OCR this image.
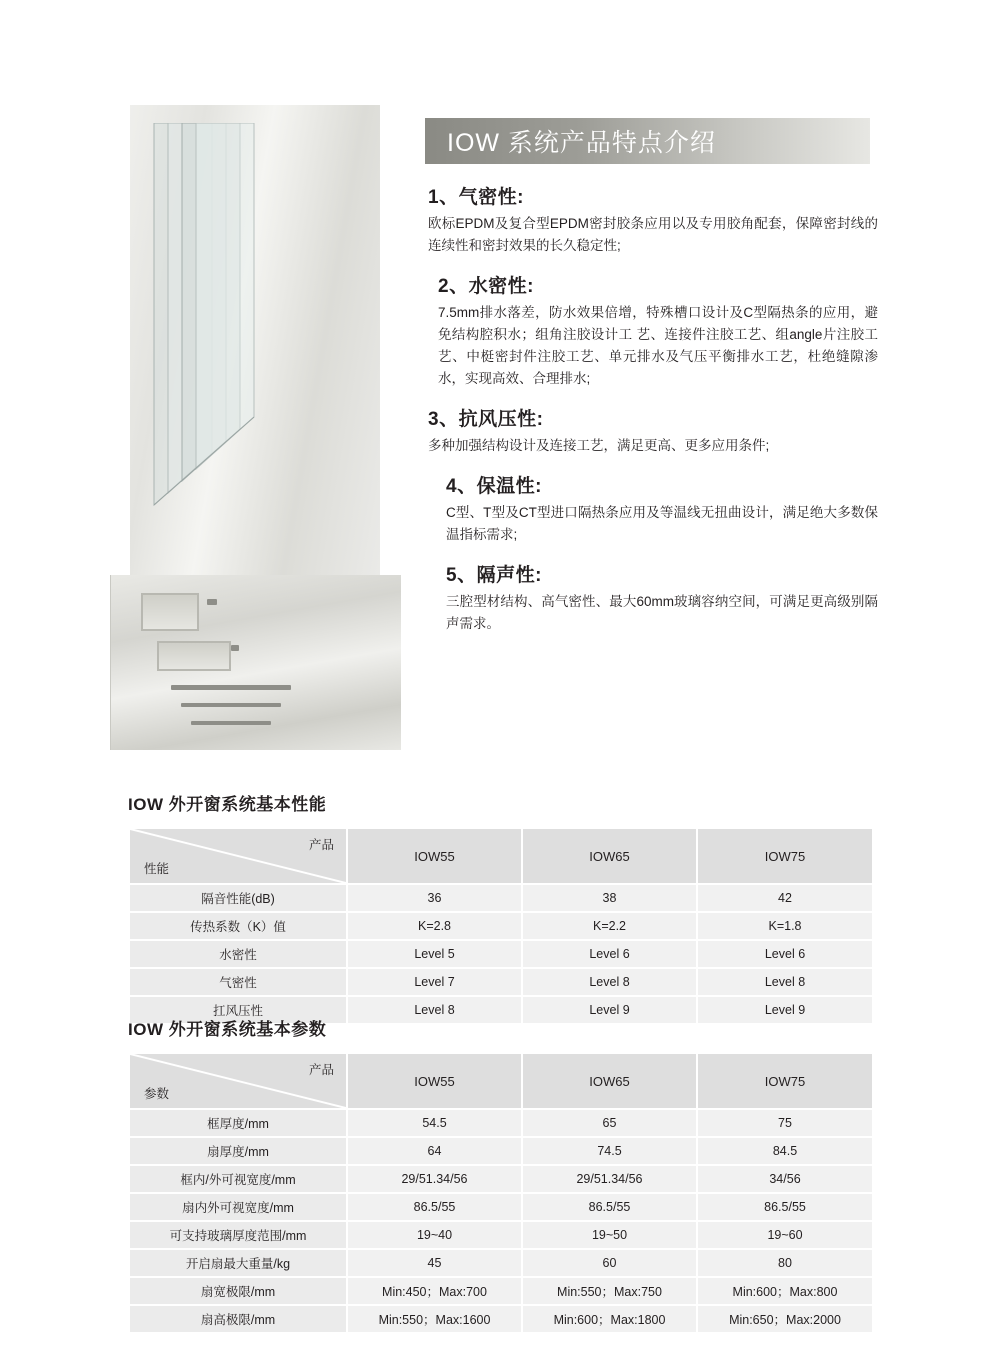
IOW 系统产品特点介绍
1、气密性:

欧标EPDM及复合型EPDM密封胶条应用以及专用胶角配套，保障密封线的连续性和密封效果的长久稳定性;

2、水密性:

7.5mm排水落差，防水效果倍增，特殊槽口设计及C型隔热条的应用，避免结构腔积水；组角注胶设计工 艺、连接件注胶工艺、组angle片注胶工艺、中梃密封件注胶工艺、单元排水及气压平衡排水工艺，杜绝缝隙渗水，实现高效、合理排水;

3、抗风压性:

多种加强结构设计及连接工艺，满足更高、更多应用条件;

4、保温性:

C型、T型及CT型进口隔热条应用及等温线无扭曲设计，满足绝大多数保温指标需求;

5、隔声性:

三腔型材结构、高气密性、最大60mm玻璃容纳空间，可满足更高级别隔声需求。

IOW 外开窗系统基本性能
产品
性能	IOW55	IOW65	IOW75
隔音性能(dB)	36	38	42
传热系数（K）值	K=2.8	K=2.2	K=1.8
水密性	Level 5	Level 6	Level 6
气密性	Level 7	Level 8	Level 8
扛风压性	Level 8	Level 9	Level 9
IOW 外开窗系统基本参数
产品
参数	IOW55	IOW65	IOW75
框厚度/mm	54.5	65	75
扇厚度/mm	64	74.5	84.5
框内/外可视宽度/mm	29/51.34/56	29/51.34/56	34/56
扇内外可视宽度/mm	86.5/55	86.5/55	86.5/55
可支持玻璃厚度范围/mm	19~40	19~50	19~60
开启扇最大重量/kg	45	60	80
扇宽极限/mm	Min:450；Max:700	Min:550；Max:750	Min:600；Max:800
扇高极限/mm	Min:550；Max:1600	Min:600；Max:1800	Min:650；Max:2000
